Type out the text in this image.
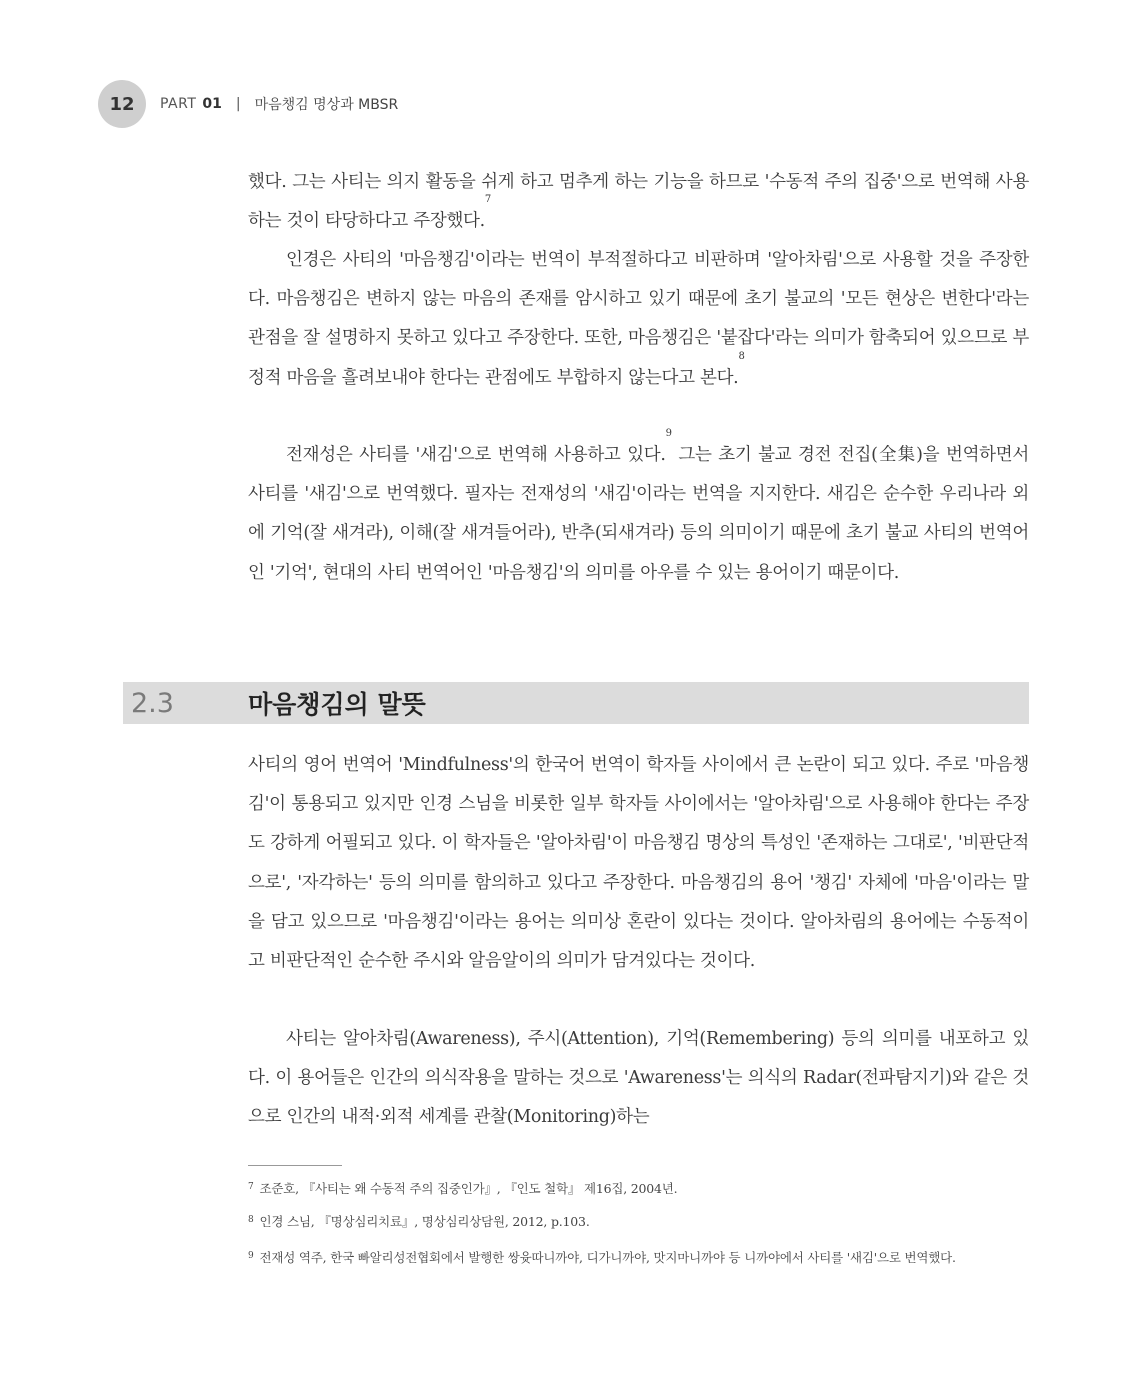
12 PART 01 | 마음챙김 명상과 MBSR

했다. 그는 사티는 의지 활동을 쉬게 하고 멈추게 하는 기능을 하므로 '수동적 주의 집중'으로 번역해 사용하는 것이 타당하다고 주장했다.$^7$

인경은 사티의 '마음챙김'이라는 번역이 부적절하다고 비판하며 '알아차림'으로 사용할 것을 주장한다. 마음챙김은 변하지 않는 마음의 존재를 암시하고 있기 때문에 초기 불교의 '모든 현상은 변한다'라는 관점을 잘 설명하지 못하고 있다고 주장한다. 또한, 마음챙김은 '붙잡다'라는 의미가 함축되어 있으므로 부정적 마음을 흘려보내야 한다는 관점에도 부합하지 않는다고 본다.$^8$

전재성은 사티를 '새김'으로 번역해 사용하고 있다.$^9$ 그는 초기 불교 경전 전집(全集)을 번역하면서 사티를 '새김'으로 번역했다. 필자는 전재성의 '새김'이라는 번역을 지지한다. 새김은 순수한 우리나라 외에 기억(잘 새겨라), 이해(잘 새겨들어라), 반추(되새겨라) 등의 의미이기 때문에 초기 불교 사티의 번역어인 '기억', 현대의 사티 번역어인 '마음챙김'의 의미를 아우를 수 있는 용어이기 때문이다.

2.3	마음챙김의 말뜻

사티의 영어 번역어 'Mindfulness'의 한국어 번역이 학자들 사이에서 큰 논란이 되고 있다. 주로 '마음챙김'이 통용되고 있지만 인경 스님을 비롯한 일부 학자들 사이에서는 '알아차림'으로 사용해야 한다는 주장도 강하게 어필되고 있다. 이 학자들은 '알아차림'이 마음챙김 명상의 특성인 '존재하는 그대로', '비판단적으로', '자각하는' 등의 의미를 함의하고 있다고 주장한다. 마음챙김의 용어 '챙김' 자체에 '마음'이라는 말을 담고 있으므로 '마음챙김'이라는 용어는 의미상 혼란이 있다는 것이다. 알아차림의 용어에는 수동적이고 비판단적인 순수한 주시와 알음알이의 의미가 담겨있다는 것이다.

사티는 알아차림(Awareness), 주시(Attention), 기억(Remembering) 등의 의미를 내포하고 있다. 이 용어들은 인간의 의식작용을 말하는 것으로 'Awareness'는 의식의 Radar(전파탐지기)와 같은 것으로 인간의 내적·외적 세계를 관찰(Monitoring)하는

$^7$ 조준호, 『사티는 왜 수동적 주의 집중인가』, 『인도 철학』 제16집, 2004년.

$^8$ 인경 스님, 『명상심리치료』, 명상심리상담원, 2012, p.103.

$^9$ 전재성 역주, 한국 빠알리성전협회에서 발행한 쌍윳따니까야, 디가니까야, 맛지마니까야 등 니까야에서 사티를 '새김'으로 번역했다.
